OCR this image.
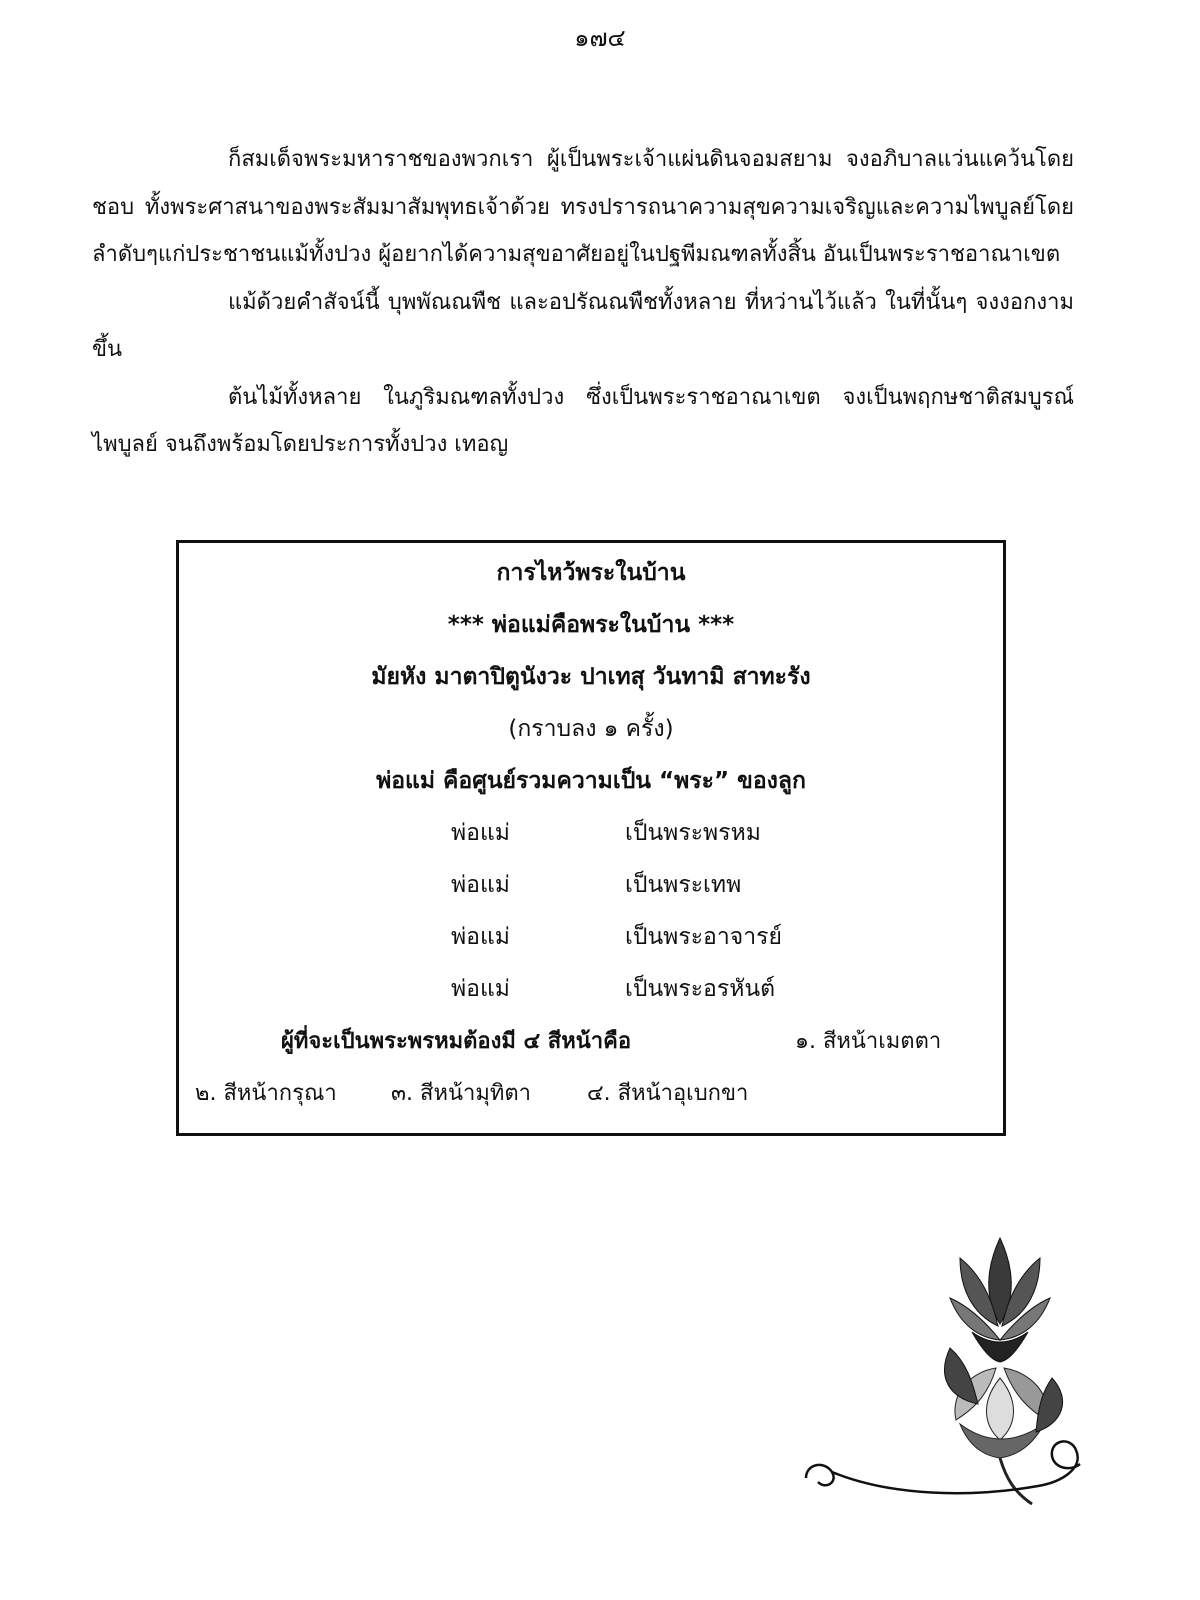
๑๗๔

ก็สมเด็จพระมหาราชของพวกเรา ผู้เป็นพระเจ้าแผ่นดินจอมสยาม จงอภิบาลแว่นแคว้นโดยชอบ ทั้งพระศาสนาของพระสัมมาสัมพุทธเจ้าด้วย ทรงปรารถนาความสุขความเจริญและความไพบูลย์โดยลำดับๆแก่ประชาชนแม้ทั้งปวง ผู้อยากได้ความสุขอาศัยอยู่ในปฐพีมณฑลทั้งสิ้น อันเป็นพระราชอาณาเขต

แม้ด้วยคำสัจน์นี้ บุพพัณณพืช และอปรัณณพืชทั้งหลาย ที่หว่านไว้แล้ว ในที่นั้นๆ จงงอกงามขึ้น

ต้นไม้ทั้งหลาย ในภูริมณฑลทั้งปวง ซึ่งเป็นพระราชอาณาเขต จงเป็นพฤกษชาติสมบูรณ์ไพบูลย์ จนถึงพร้อมโดยประการทั้งปวง เทอญ

การไหว้พระในบ้าน
*** พ่อแม่คือพระในบ้าน ***
มัยหัง มาตาปิตูนังวะ ปาเทสุ วันทามิ สาทะรัง
(กราบลง ๑ ครั้ง)
พ่อแม่ คือศูนย์รวมความเป็น “พระ” ของลูก
พ่อแม่	เป็นพระพรหม
พ่อแม่	เป็นพระเทพ
พ่อแม่	เป็นพระอาจารย์
พ่อแม่	เป็นพระอรหันต์
ผู้ที่จะเป็นพระพรหมต้องมี ๔ สีหน้าคือ	๑. สีหน้าเมตตา
๒. สีหน้ากรุณา ๓. สีหน้ามุทิตา	๔. สีหน้าอุเบกขา
